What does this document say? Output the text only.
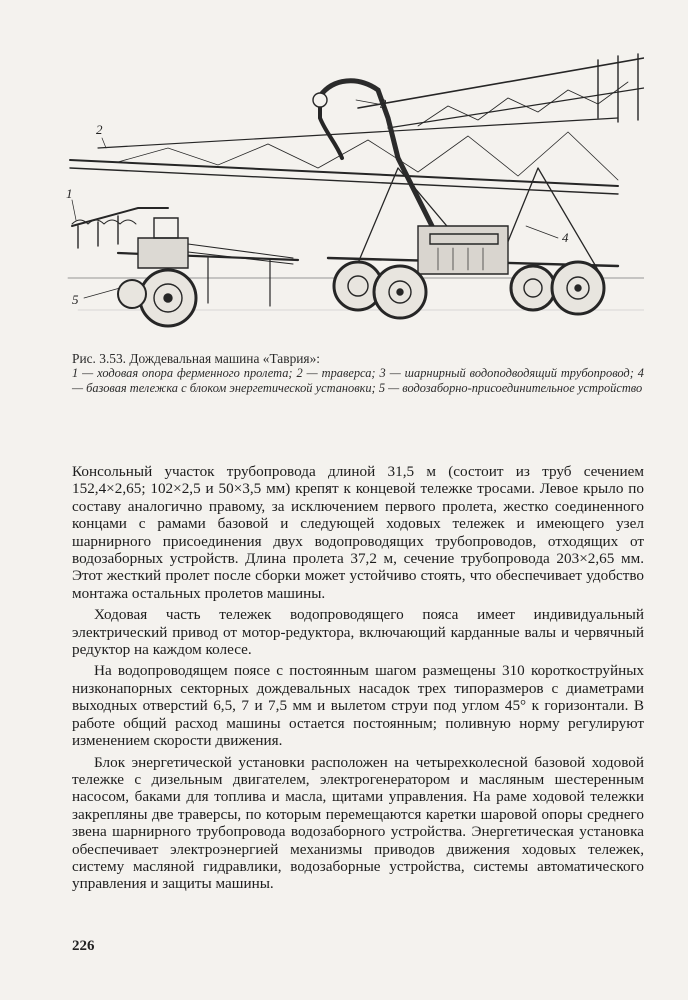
2
1
3
4
5
Рис. 3.53. Дождевальная машина «Таврия»:
1 — ходовая опора ферменного пролета; 2 — траверса; 3 — шарнирный водоподводящий трубопровод; 4 — базовая тележка с блоком энергетической установки; 5 — водозаборно-присоединительное устройство

Консольный участок трубопровода длиной 31,5 м (состоит из труб сечением 152,4×2,65; 102×2,5 и 50×3,5 мм) крепят к концевой тележке тросами. Левое крыло по составу аналогично правому, за исключением первого пролета, жестко соединенного концами с рамами базовой и следующей ходовых тележек и имеющего узел шарнирного присоединения двух водопроводящих трубопроводов, отходящих от водозаборных устройств. Длина пролета 37,2 м, сечение трубопровода 203×2,65 мм. Этот жесткий пролет после сборки может устойчиво стоять, что обеспечивает удобство монтажа остальных пролетов машины.

Ходовая часть тележек водопроводящего пояса имеет индивидуальный электрический привод от мотор-редуктора, включающий карданные валы и червячный редуктор на каждом колесе.

На водопроводящем поясе с постоянным шагом размещены 310 короткоструйных низконапорных секторных дождевальных насадок трех типоразмеров с диаметрами выходных отверстий 6,5, 7 и 7,5 мм и вылетом струи под углом 45° к горизонтали. В работе общий расход машины остается постоянным; поливную норму регулируют изменением скорости движения.

Блок энергетической установки расположен на четырехколесной базовой ходовой тележке с дизельным двигателем, электрогенератором и масляным шестеренным насосом, баками для топлива и масла, щитами управления. На раме ходовой тележки закрепляны две траверсы, по которым перемещаются каретки шаровой опоры среднего звена шарнирного трубопровода водозаборного устройства. Энергетическая установка обеспечивает электроэнергией механизмы приводов движения ходовых тележек, систему масляной гидравлики, водозаборные устройства, системы автоматического управления и защиты машины.

226
